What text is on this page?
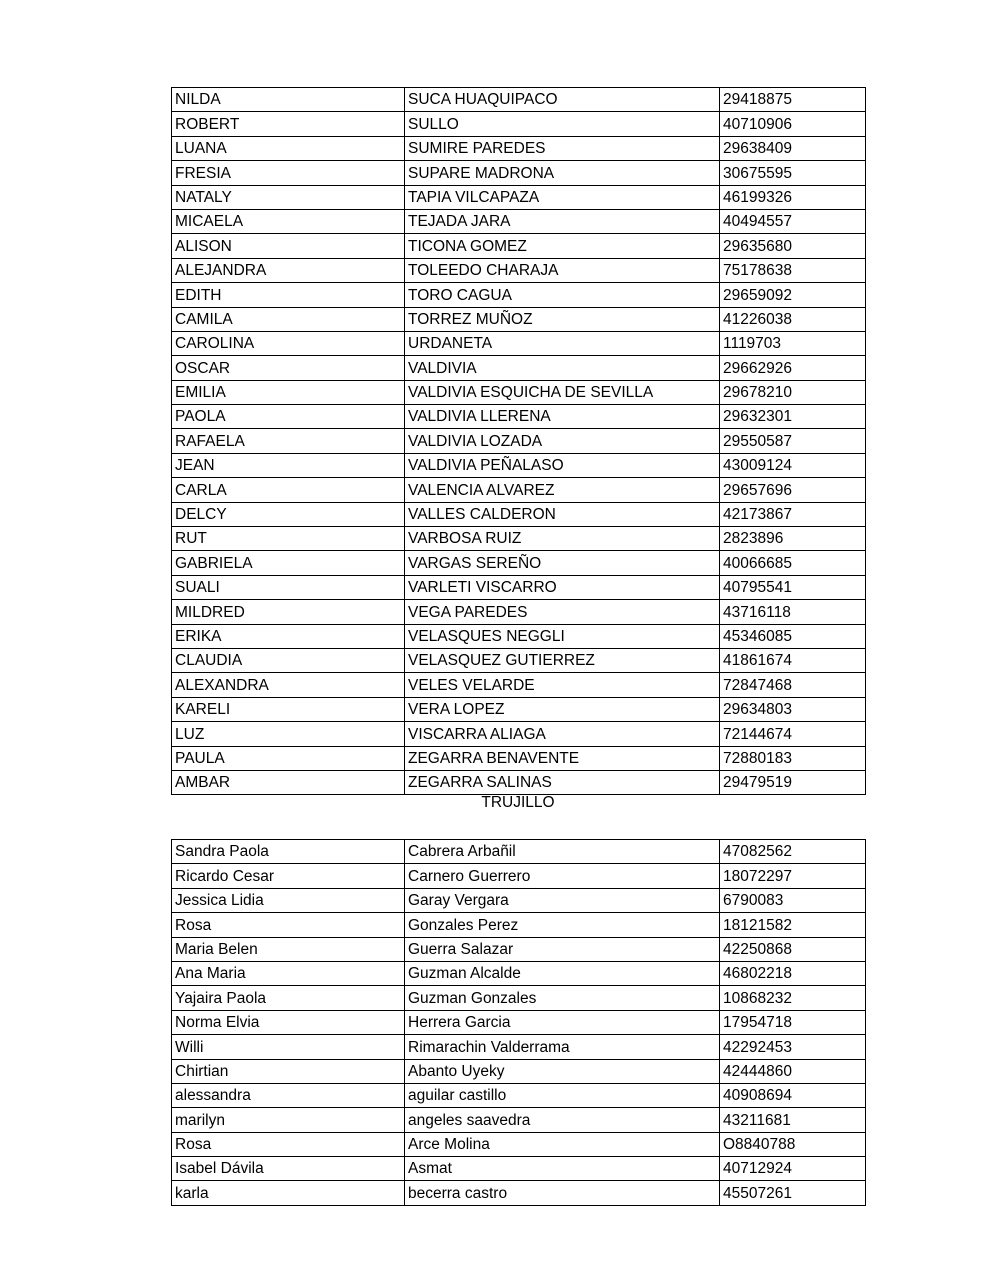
NILDA	SUCA HUAQUIPACO	29418875
ROBERT	SULLO	40710906
LUANA	SUMIRE PAREDES	29638409
FRESIA	SUPARE MADRONA	30675595
NATALY	TAPIA VILCAPAZA	46199326
MICAELA	TEJADA JARA	40494557
ALISON	TICONA GOMEZ	29635680
ALEJANDRA	TOLEEDO CHARAJA	75178638
EDITH	TORO CAGUA	29659092
CAMILA	TORREZ MUÑOZ	41226038
CAROLINA	URDANETA	1119703
OSCAR	VALDIVIA	29662926
EMILIA	VALDIVIA ESQUICHA DE SEVILLA	29678210
PAOLA	VALDIVIA LLERENA	29632301
RAFAELA	VALDIVIA LOZADA	29550587
JEAN	VALDIVIA PEÑALASO	43009124
CARLA	VALENCIA ALVAREZ	29657696
DELCY	VALLES CALDERON	42173867
RUT	VARBOSA RUIZ	2823896
GABRIELA	VARGAS SEREÑO	40066685
SUALI	VARLETI VISCARRO	40795541
MILDRED	VEGA PAREDES	43716118
ERIKA	VELASQUES NEGGLI	45346085
CLAUDIA	VELASQUEZ GUTIERREZ	41861674
ALEXANDRA	VELES VELARDE	72847468
KARELI	VERA LOPEZ	29634803
LUZ	VISCARRA ALIAGA	72144674
PAULA	ZEGARRA BENAVENTE	72880183
AMBAR	ZEGARRA SALINAS	29479519
TRUJILLO
Sandra Paola	Cabrera Arbañil	47082562
Ricardo Cesar	Carnero Guerrero	18072297
Jessica Lidia	Garay Vergara	6790083
Rosa	Gonzales Perez	18121582
Maria Belen	Guerra Salazar	42250868
Ana Maria	Guzman Alcalde	46802218
Yajaira Paola	Guzman Gonzales	10868232
Norma Elvia	Herrera Garcia	17954718
Willi	Rimarachin Valderrama	42292453
Chirtian	Abanto Uyeky	42444860
alessandra	aguilar castillo	40908694
marilyn	angeles saavedra	43211681
Rosa	Arce Molina	O8840788
Isabel Dávila	Asmat	40712924
karla	becerra castro	45507261
